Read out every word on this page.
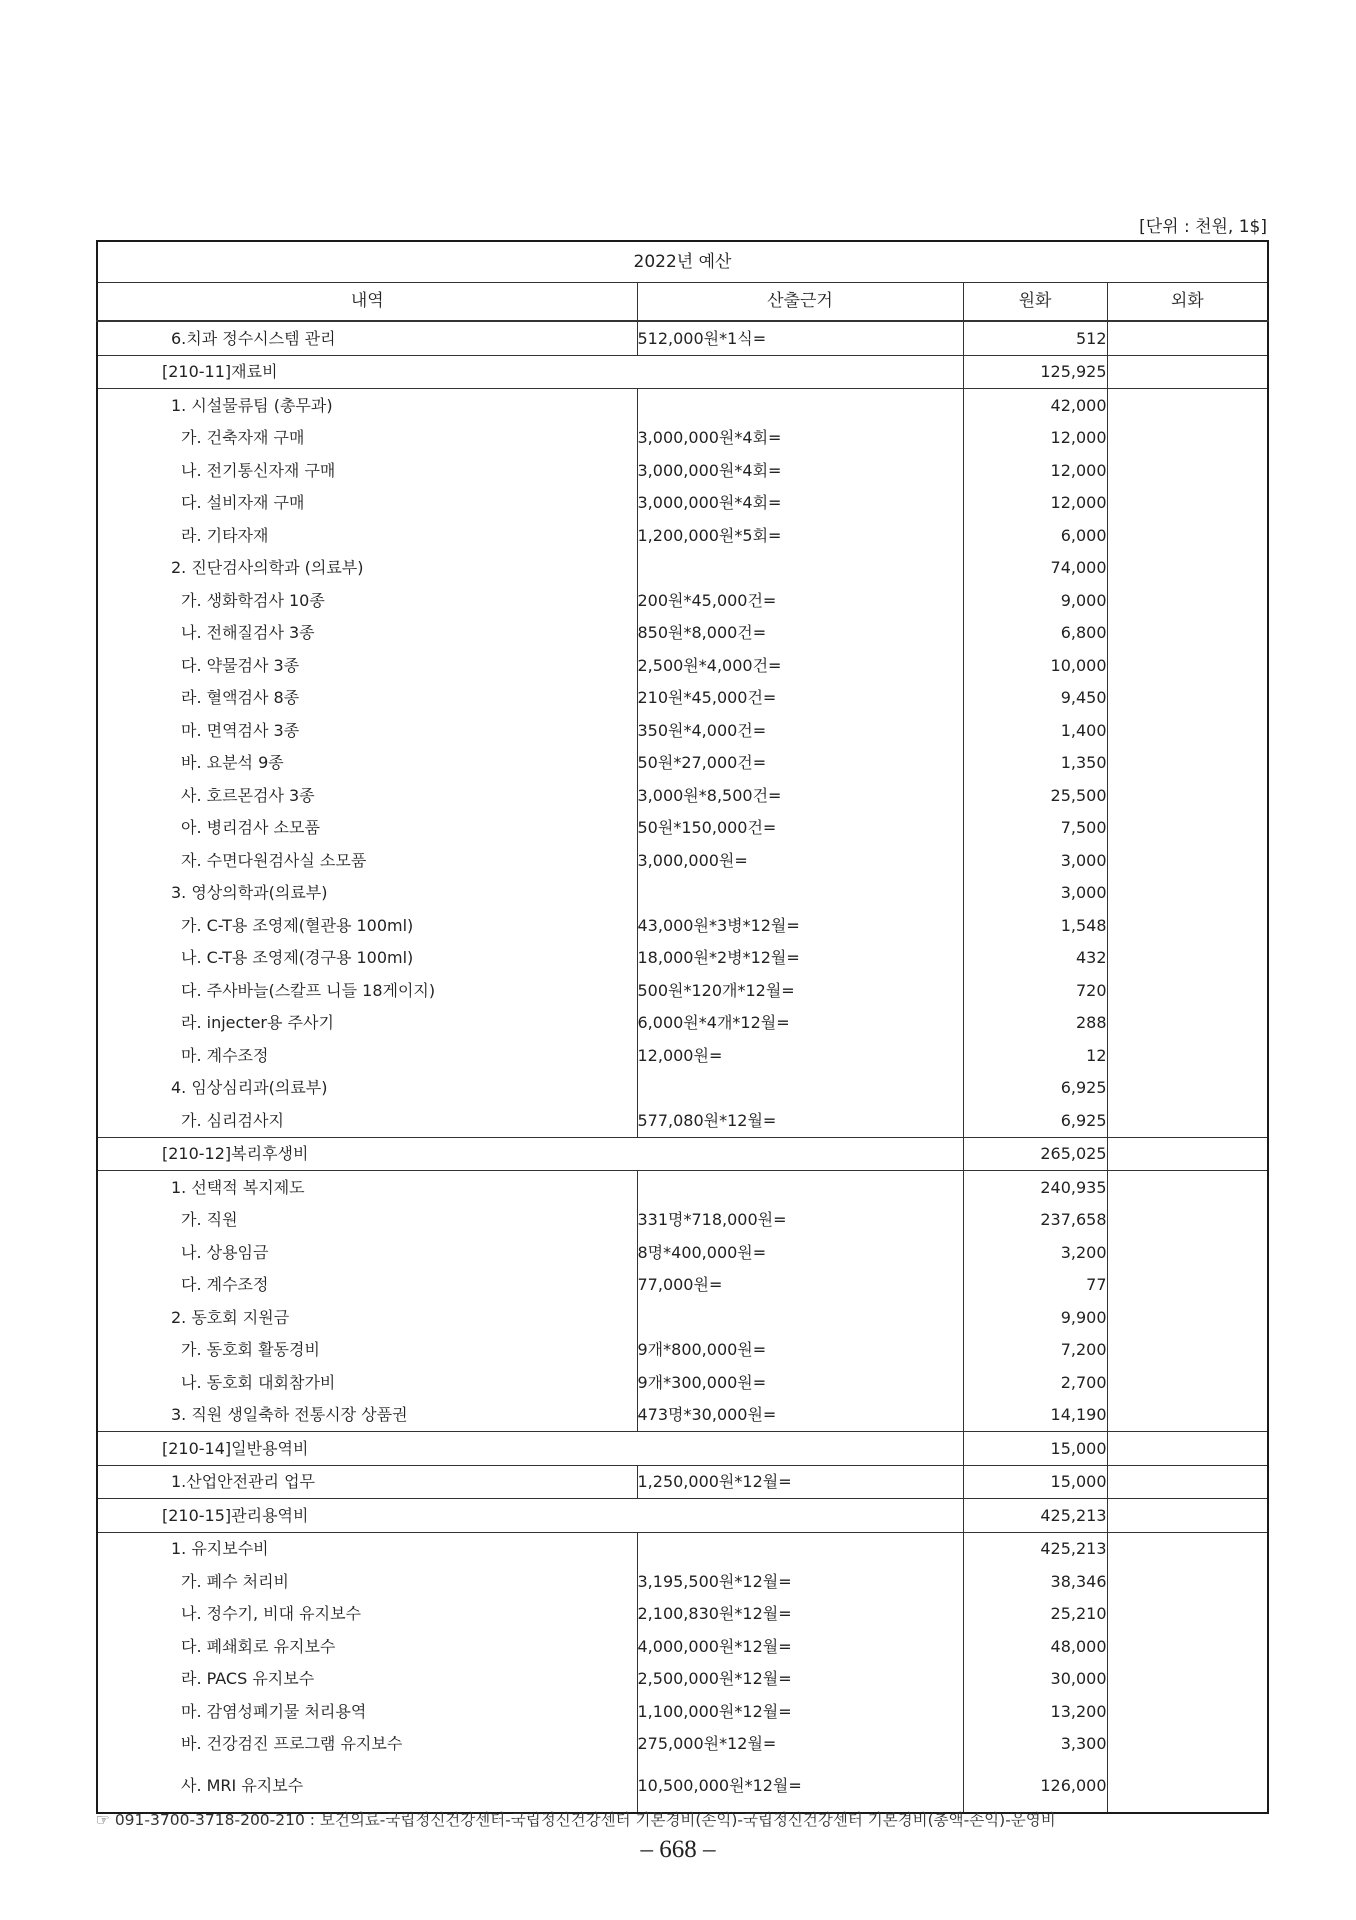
[단위 : 천원, 1$]
2022년 예산			
내역	산출근거	원화	외화
6.치과 정수시스템 관리	512,000원*1식=	512	
[210-11]재료비		125,925	
1. 시설물류팀 (총무과)		42,000	
가. 건축자재 구매	3,000,000원*4회=	12,000	
나. 전기통신자재 구매	3,000,000원*4회=	12,000	
다. 설비자재 구매	3,000,000원*4회=	12,000	
라. 기타자재	1,200,000원*5회=	6,000	
2. 진단검사의학과 (의료부)		74,000	
가. 생화학검사 10종	200원*45,000건=	9,000	
나. 전해질검사 3종	850원*8,000건=	6,800	
다. 약물검사 3종	2,500원*4,000건=	10,000	
라. 혈액검사 8종	210원*45,000건=	9,450	
마. 면역검사 3종	350원*4,000건=	1,400	
바. 요분석 9종	50원*27,000건=	1,350	
사. 호르몬검사 3종	3,000원*8,500건=	25,500	
아. 병리검사 소모품	50원*150,000건=	7,500	
자. 수면다원검사실 소모품	3,000,000원=	3,000	
3. 영상의학과(의료부)		3,000	
가. C-T용 조영제(혈관용 100ml)	43,000원*3병*12월=	1,548	
나. C-T용 조영제(경구용 100ml)	18,000원*2병*12월=	432	
다. 주사바늘(스칼프 니들 18게이지)	500원*120개*12월=	720	
라. injecter용 주사기	6,000원*4개*12월=	288	
마. 계수조정	12,000원=	12	
4. 임상심리과(의료부)		6,925	
가. 심리검사지	577,080원*12월=	6,925	
[210-12]복리후생비		265,025	
1. 선택적 복지제도		240,935	
가. 직원	331명*718,000원=	237,658	
나. 상용임금	8명*400,000원=	3,200	
다. 계수조정	77,000원=	77	
2. 동호회 지원금		9,900	
가. 동호회 활동경비	9개*800,000원=	7,200	
나. 동호회 대회참가비	9개*300,000원=	2,700	
3. 직원 생일축하 전통시장 상품권	473명*30,000원=	14,190	
[210-14]일반용역비		15,000	
1.산업안전관리 업무	1,250,000원*12월=	15,000	
[210-15]관리용역비		425,213	
1. 유지보수비		425,213	
가. 폐수 처리비	3,195,500원*12월=	38,346	
나. 정수기, 비대 유지보수	2,100,830원*12월=	25,210	
다. 폐쇄회로 유지보수	4,000,000원*12월=	48,000	
라. PACS 유지보수	2,500,000원*12월=	30,000	
마. 감염성폐기물 처리용역	1,100,000원*12월=	13,200	
바. 건강검진 프로그램 유지보수	275,000원*12월=	3,300	
사. MRI 유지보수	10,500,000원*12월=	126,000	
☞ 091-3700-3718-200-210 : 보건의료-국립정신건강센터-국립정신건강센터 기본경비(손익)-국립정신건강센터 기본경비(총액-손익)-운영비
– 668 –
